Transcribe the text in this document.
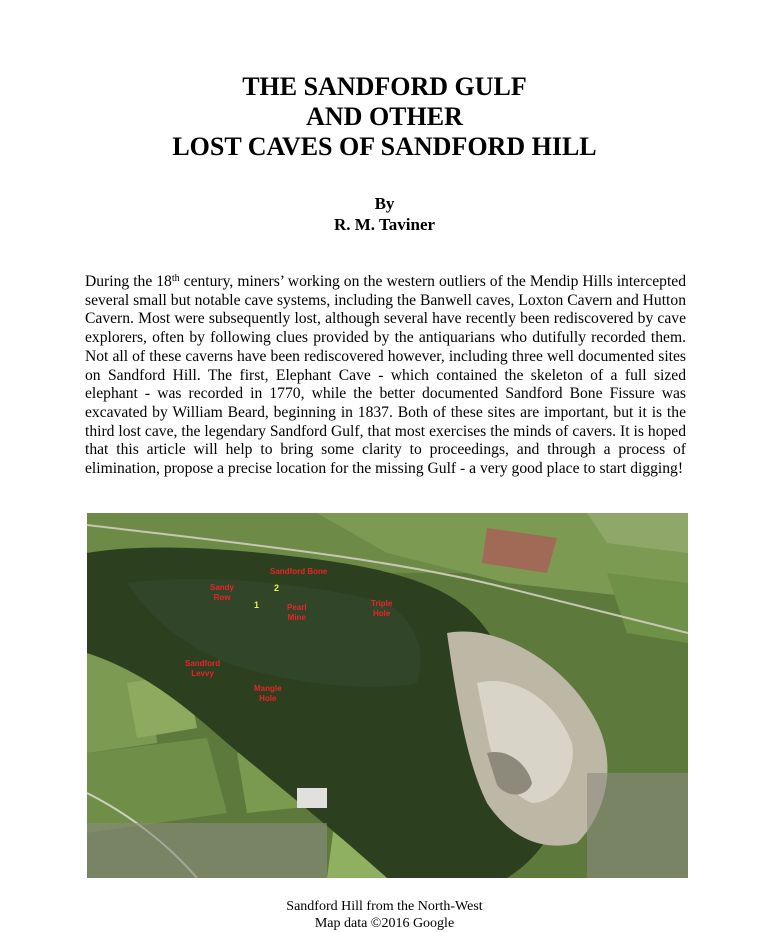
THE SANDFORD GULF
AND OTHER
LOST CAVES OF SANDFORD HILL
By
R. M. Taviner
During the 18th century, miners’ working on the western outliers of the Mendip Hills intercepted several small but notable cave systems, including the Banwell caves, Loxton Cavern and Hutton Cavern. Most were subsequently lost, although several have recently been rediscovered by cave explorers, often by following clues provided by the antiquarians who dutifully recorded them. Not all of these caverns have been rediscovered however, including three well documented sites on Sandford Hill. The first, Elephant Cave - which contained the skeleton of a full sized elephant - was recorded in 1770, while the better documented Sandford Bone Fissure was excavated by William Beard, beginning in 1837. Both of these sites are important, but it is the third lost cave, the legendary Sandford Gulf, that most exercises the minds of cavers. It is hoped that this article will help to bring some clarity to proceedings, and through a process of elimination, propose a precise location for the missing Gulf - a very good place to start digging!
Sandford Bone
2
Sandy
Row
1	Pearl
Mine
Triple
Hole
Sandford
Levvy
Mangle
Hole
Sandford Hill from the North-West
Map data ©2016 Google
